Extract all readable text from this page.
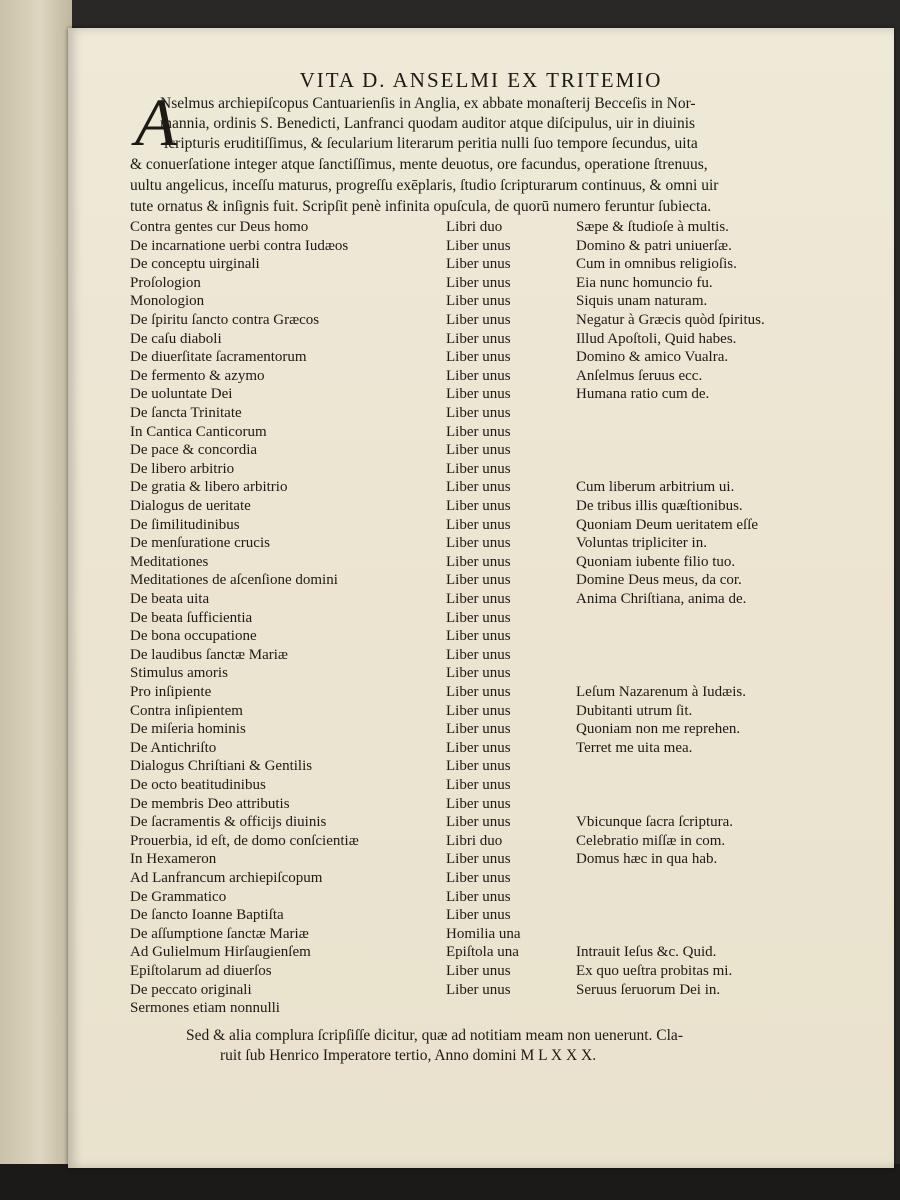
VITA D. ANSELMI EX TRITEMIO
A
Nselmus archiepiſcopus Cantuarienſis in Anglia, ex abbate monaſterij Becceſis in Nor-
mannia, ordinis S. Benedicti, Lanfranci quodam auditor atque diſcipulus, uir in diuinis
ſcripturis eruditiſſimus, & ſecularium literarum peritia nulli ſuo tempore ſecundus, uita
& conuerſatione integer atque ſanctiſſimus, mente deuotus, ore facundus, operatione ſtrenuus,
uultu angelicus, inceſſu maturus, progreſſu exēplaris, ſtudio ſcripturarum continuus, & omni uir
tute ornatus & inſignis fuit. Scripſit penè infinita opuſcula, de quorū numero feruntur ſubiecta.
Contra gentes cur Deus homo	Libri duo	Sæpe & ſtudioſe à multis.
De incarnatione uerbi contra Iudæos	Liber unus	Domino & patri uniuerſæ.
De conceptu uirginali	Liber unus	Cum in omnibus religioſis.
Proſologion	Liber unus	Eia nunc homuncio fu.
Monologion	Liber unus	Siquis unam naturam.
De ſpiritu ſancto contra Græcos	Liber unus	Negatur à Græcis quòd ſpiritus.
De caſu diaboli	Liber unus	Illud Apoſtoli, Quid habes.
De diuerſitate ſacramentorum	Liber unus	Domino & amico Vualra.
De fermento & azymo	Liber unus	Anſelmus ſeruus ecc.
De uoluntate Dei	Liber unus	Humana ratio cum de.
De ſancta Trinitate	Liber unus
In Cantica Canticorum	Liber unus
De pace & concordia	Liber unus
De libero arbitrio	Liber unus
De gratia & libero arbitrio	Liber unus	Cum liberum arbitrium ui.
Dialogus de ueritate	Liber unus	De tribus illis quæſtionibus.
De ſimilitudinibus	Liber unus	Quoniam Deum ueritatem eſſe
De menſuratione crucis	Liber unus	Voluntas tripliciter in.
Meditationes	Liber unus	Quoniam iubente filio tuo.
Meditationes de aſcenſione domini	Liber unus	Domine Deus meus, da cor.
De beata uita	Liber unus	Anima Chriſtiana, anima de.
De beata ſufficientia	Liber unus
De bona occupatione	Liber unus
De laudibus ſanctæ Mariæ	Liber unus
Stimulus amoris	Liber unus
Pro inſipiente	Liber unus	Leſum Nazarenum à Iudæis.
Contra inſipientem	Liber unus	Dubitanti utrum ſit.
De miſeria hominis	Liber unus	Quoniam non me reprehen.
De Antichriſto	Liber unus	Terret me uita mea.
Dialogus Chriſtiani & Gentilis	Liber unus
De octo beatitudinibus	Liber unus
De membris Deo attributis	Liber unus
De ſacramentis & officijs diuinis	Liber unus	Vbicunque ſacra ſcriptura.
Prouerbia, id eſt, de domo conſcientiæ	Libri duo	Celebratio miſſæ in com.
In Hexameron	Liber unus	Domus hæc in qua hab.
Ad Lanfrancum archiepiſcopum	Liber unus
De Grammatico	Liber unus
De ſancto Ioanne Baptiſta	Liber unus
De aſſumptione ſanctæ Mariæ	Homilia una
Ad Gulielmum Hirſaugienſem	Epiſtola una	Intrauit Ieſus &c. Quid.
Epiſtolarum ad diuerſos	Liber unus	Ex quo ueſtra probitas mi.
De peccato originali	Liber unus	Seruus ſeruorum Dei in.
Sermones etiam nonnulli
Sed & alia complura ſcripſiſſe dicitur, quæ ad notitiam meam non uenerunt. Cla-
ruit ſub Henrico Imperatore tertio, Anno domini M L X X X.
